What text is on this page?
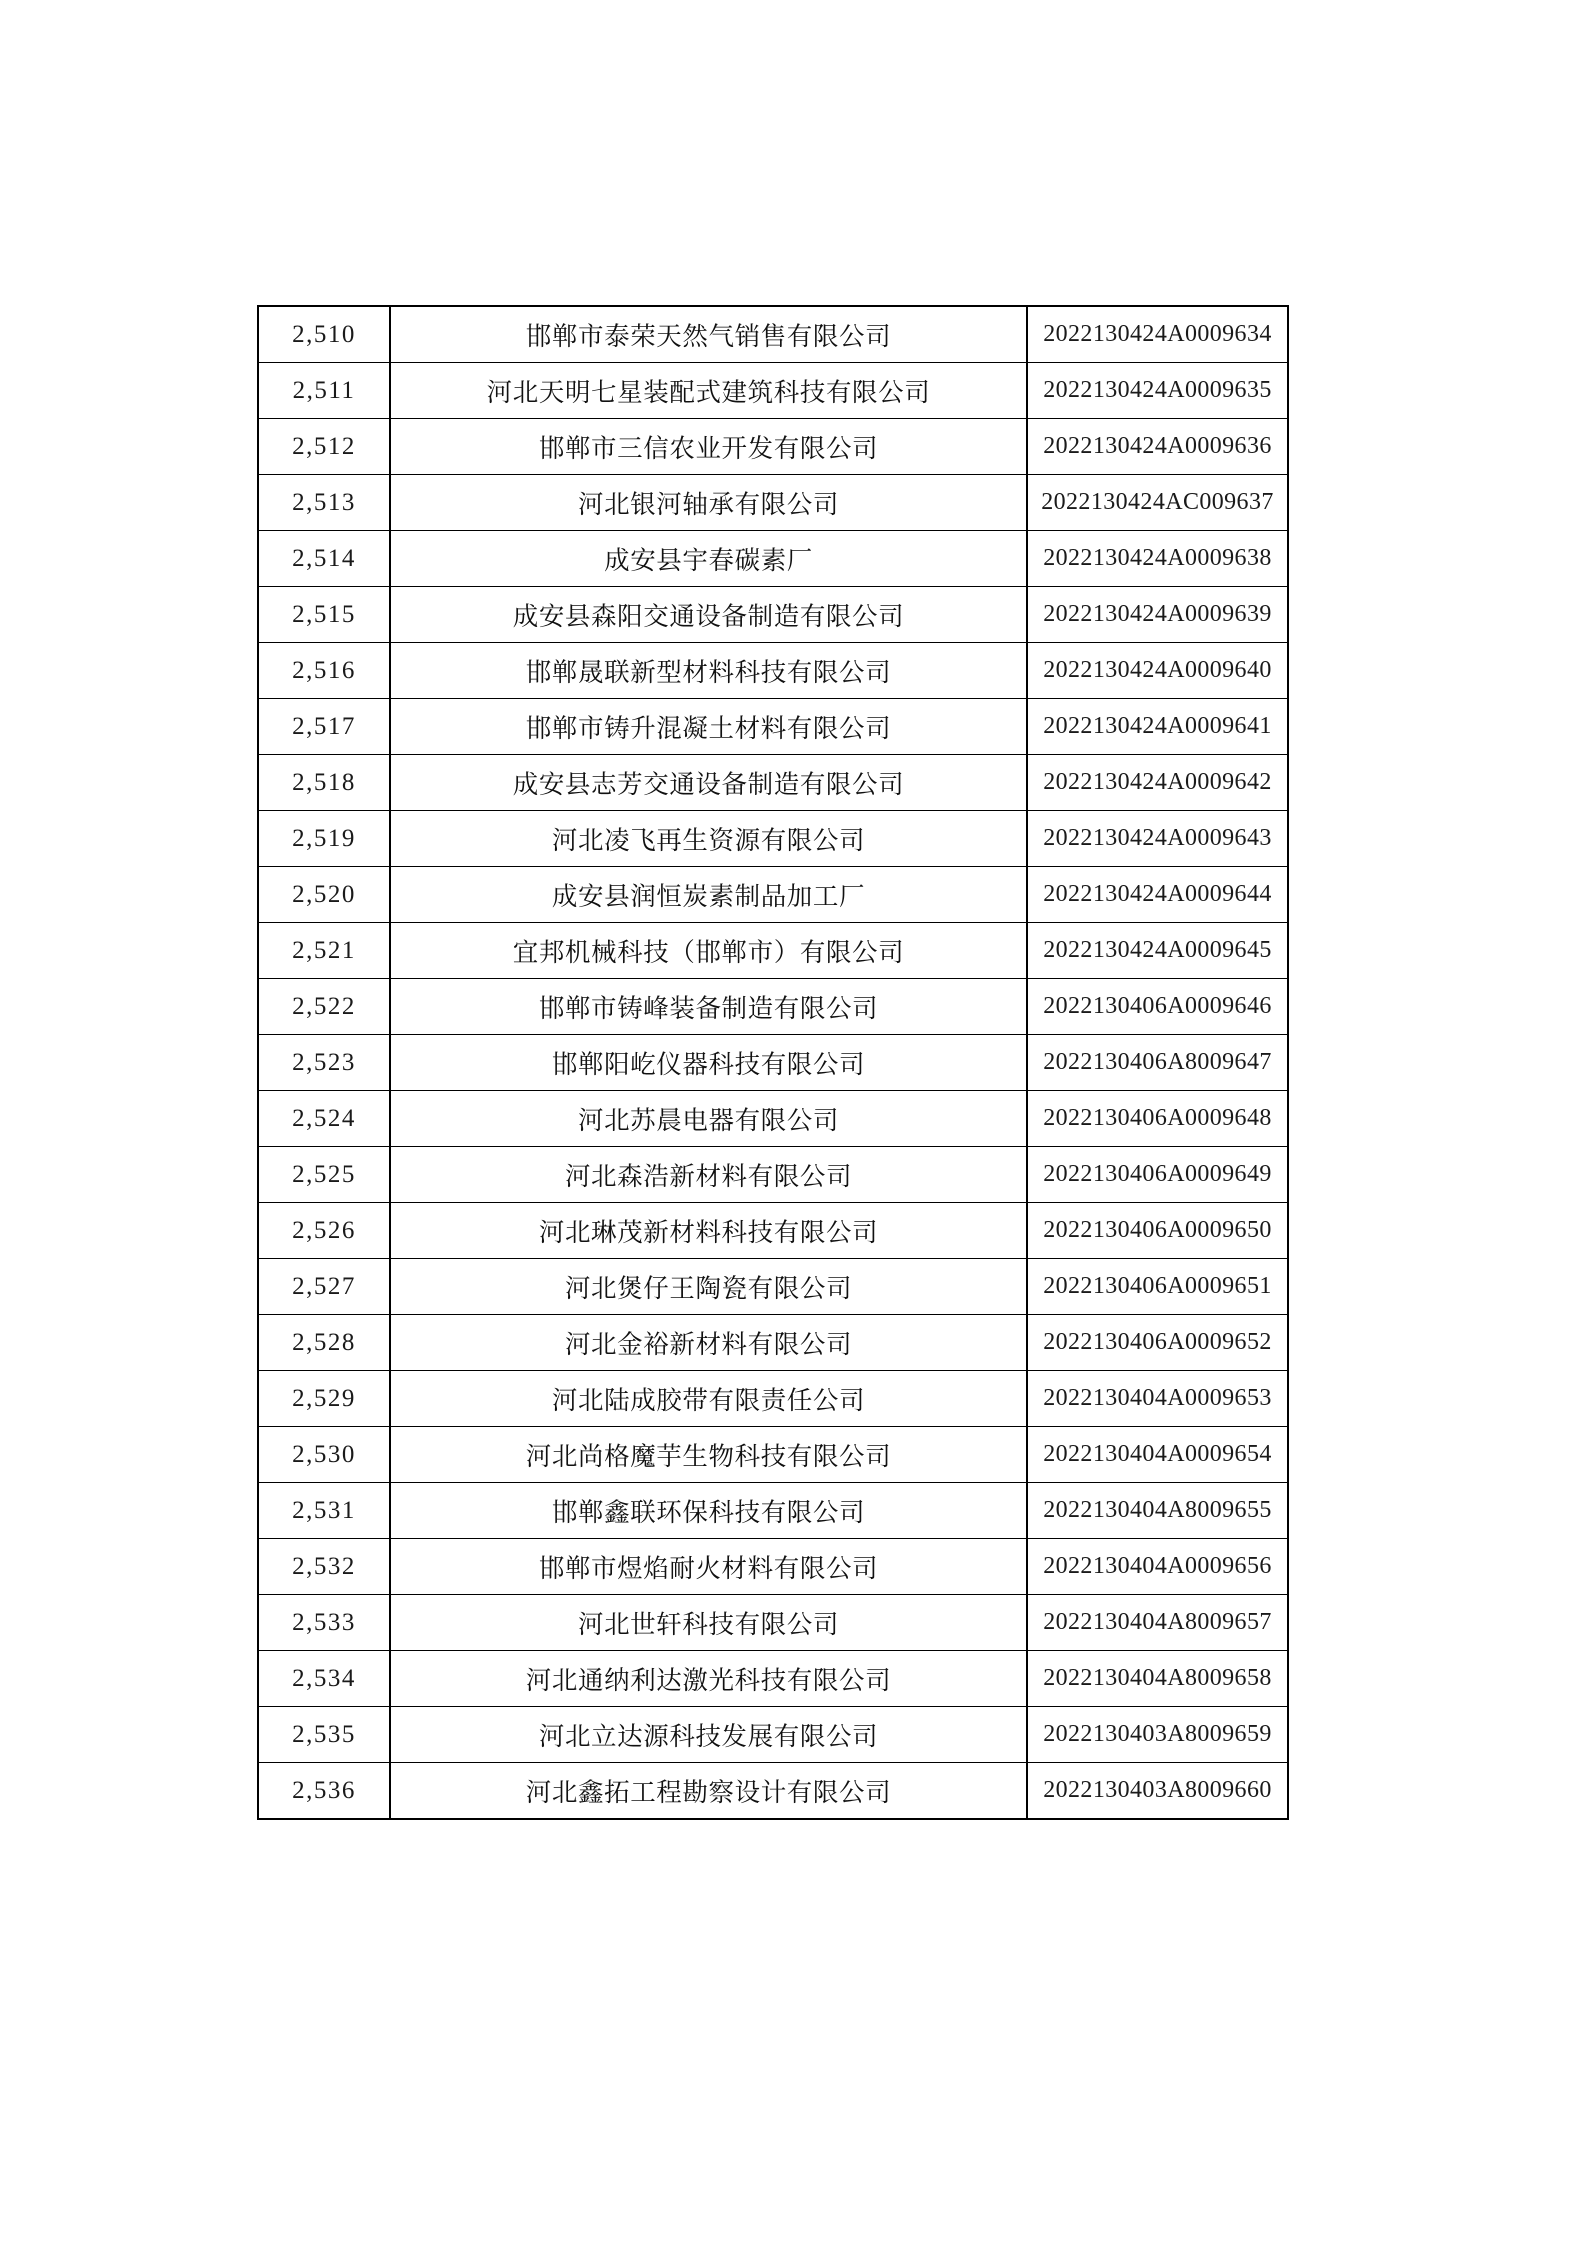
2,510	邯郸市泰荣天然气销售有限公司	2022130424A0009634
2,511	河北天明七星装配式建筑科技有限公司	2022130424A0009635
2,512	邯郸市三信农业开发有限公司	2022130424A0009636
2,513	河北银河轴承有限公司	2022130424AC009637
2,514	成安县宇春碳素厂	2022130424A0009638
2,515	成安县森阳交通设备制造有限公司	2022130424A0009639
2,516	邯郸晟联新型材料科技有限公司	2022130424A0009640
2,517	邯郸市铸升混凝土材料有限公司	2022130424A0009641
2,518	成安县志芳交通设备制造有限公司	2022130424A0009642
2,519	河北凌飞再生资源有限公司	2022130424A0009643
2,520	成安县润恒炭素制品加工厂	2022130424A0009644
2,521	宜邦机械科技（邯郸市）有限公司	2022130424A0009645
2,522	邯郸市铸峰装备制造有限公司	2022130406A0009646
2,523	邯郸阳屹仪器科技有限公司	2022130406A8009647
2,524	河北苏晨电器有限公司	2022130406A0009648
2,525	河北森浩新材料有限公司	2022130406A0009649
2,526	河北琳茂新材料科技有限公司	2022130406A0009650
2,527	河北煲仔王陶瓷有限公司	2022130406A0009651
2,528	河北金裕新材料有限公司	2022130406A0009652
2,529	河北陆成胶带有限责任公司	2022130404A0009653
2,530	河北尚格魔芋生物科技有限公司	2022130404A0009654
2,531	邯郸鑫联环保科技有限公司	2022130404A8009655
2,532	邯郸市煜焰耐火材料有限公司	2022130404A0009656
2,533	河北世轩科技有限公司	2022130404A8009657
2,534	河北通纳利达激光科技有限公司	2022130404A8009658
2,535	河北立达源科技发展有限公司	2022130403A8009659
2,536	河北鑫拓工程勘察设计有限公司	2022130403A8009660
